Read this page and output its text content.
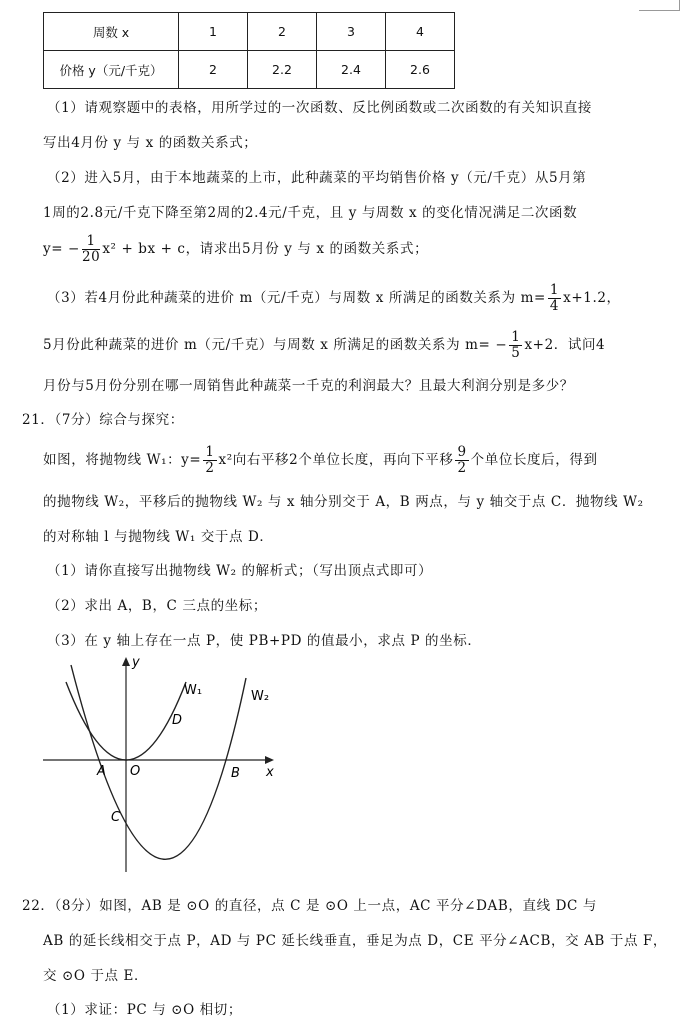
周数 x	1	2	3	4
价格 y（元/千克）	2	2.2	2.4	2.6
（1）请观察题中的表格，用所学过的一次函数、反比例函数或二次函数的有关知识直接
写出4月份 y 与 x 的函数关系式；
（2）进入5月，由于本地蔬菜的上市，此种蔬菜的平均销售价格 y（元/千克）从5月第
1周的2.8元/千克下降至第2周的2.4元/千克，且 y 与周数 x 的变化情况满足二次函数
$y= - \frac{1}{20} x^2$ + bx + c，请求出5月份 y 与 x 的函数关系式；
（3）若4月份此种蔬菜的进价 m（元/千克）与周数 x 所满足的函数关系为 $m= \frac{1}{4} x+1.2$，
5月份此种蔬菜的进价 m（元/千克）与周数 x 所满足的函数关系为 $m= - \frac{1}{5} x+2$．试问4
月份与5月份分别在哪一周销售此种蔬菜一千克的利润最大？且最大利润分别是多少？
21．（7分）综合与探究：
如图，将抛物线 W₁：$y= \frac{1}{2} x^2$向右平移2个单位长度，再向下平移 $\frac{9}{2}$ 个单位长度后，得到
的抛物线 W₂，平移后的抛物线 W₂ 与 x 轴分别交于 A，B 两点，与 y 轴交于点 C．抛物线 W₂
的对称轴 l 与抛物线 W₁ 交于点 D．
（1）请你直接写出抛物线 W₂ 的解析式；（写出顶点式即可）
（2）求出 A，B，C 三点的坐标；
（3）在 y 轴上存在一点 P，使 PB+PD 的值最小，求点 P 的坐标．
y
x
W₁	W₂
D
A O	B
C
22．（8分）如图，AB 是 ⊙O 的直径，点 C 是 ⊙O 上一点，AC 平分∠DAB，直线 DC 与
AB 的延长线相交于点 P，AD 与 PC 延长线垂直，垂足为点 D，CE 平分∠ACB，交 AB 于点 F，
交 ⊙O 于点 E．
（1）求证：PC 与 ⊙O 相切；
